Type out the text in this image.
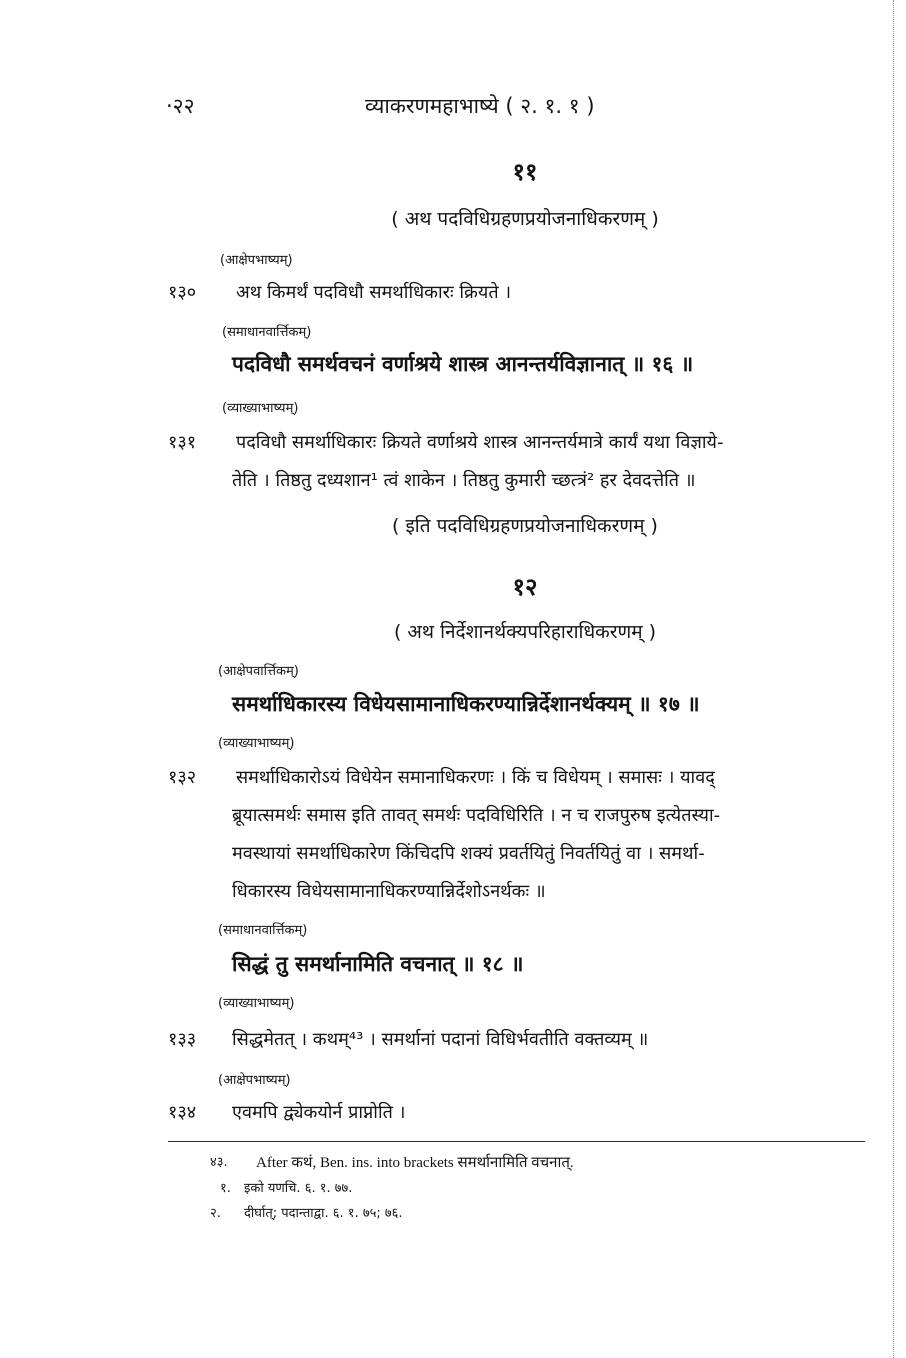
·२२	व्याकरणमहाभाष्ये ( २. १. १ )
११
( अथ पदविधिग्रहणप्रयोजनाधिकरणम् )
(आक्षेपभाष्यम्)
१३० अथ किमर्थं पदविधौ समर्थाधिकारः क्रियते ।
(समाधानवार्त्तिकम्)
पदविधौ समर्थवचनं वर्णाश्रये शास्त्र आनन्तर्यविज्ञानात् ॥ १६ ॥
(व्याख्याभाष्यम्)
१३१ पदविधौ समर्थाधिकारः क्रियते वर्णाश्रये शास्त्र आनन्तर्यमात्रे कार्यं यथा विज्ञाये-
तेति । तिष्ठतु दध्यशान¹ त्वं शाकेन । तिष्ठतु कुमारी च्छत्त्रं² हर देवदत्तेति ॥
( इति पदविधिग्रहणप्रयोजनाधिकरणम् )
१२
( अथ निर्देशानर्थक्यपरिहाराधिकरणम् )
(आक्षेपवार्त्तिकम्)
समर्थाधिकारस्य विधेयसामानाधिकरण्यान्निर्देशानर्थक्यम् ॥ १७ ॥
(व्याख्याभाष्यम्)
१३२ समर्थाधिकारोऽयं विधेयेन समानाधिकरणः । किं च विधेयम् । समासः । यावद्
ब्रूयात्समर्थः समास इति तावत् समर्थः पदविधिरिति । न च राजपुरुष इत्येतस्या-
मवस्थायां समर्थाधिकारेण किंचिदपि शक्यं प्रवर्तयितुं निवर्तयितुं वा । समर्था-
धिकारस्य विधेयसामानाधिकरण्यान्निर्देशोऽनर्थकः ॥
(समाधानवार्त्तिकम्)
सिद्धं तु समर्थानामिति वचनात् ॥ १८ ॥
(व्याख्याभाष्यम्)
१३३ सिद्धमेतत् । कथम्⁴³ । समर्थानां पदानां विधिर्भवतीति वक्तव्यम् ॥
(आक्षेपभाष्यम्)
१३४ एवमपि द्व्येकयोर्न प्राप्नोति ।
४३. After कथं, Ben. ins. into brackets समर्थानामिति वचनात्.
१. इको यणचि. ६. १. ७७.
२. दीर्घात्; पदान्ताद्वा. ६. १. ७५; ७६.
